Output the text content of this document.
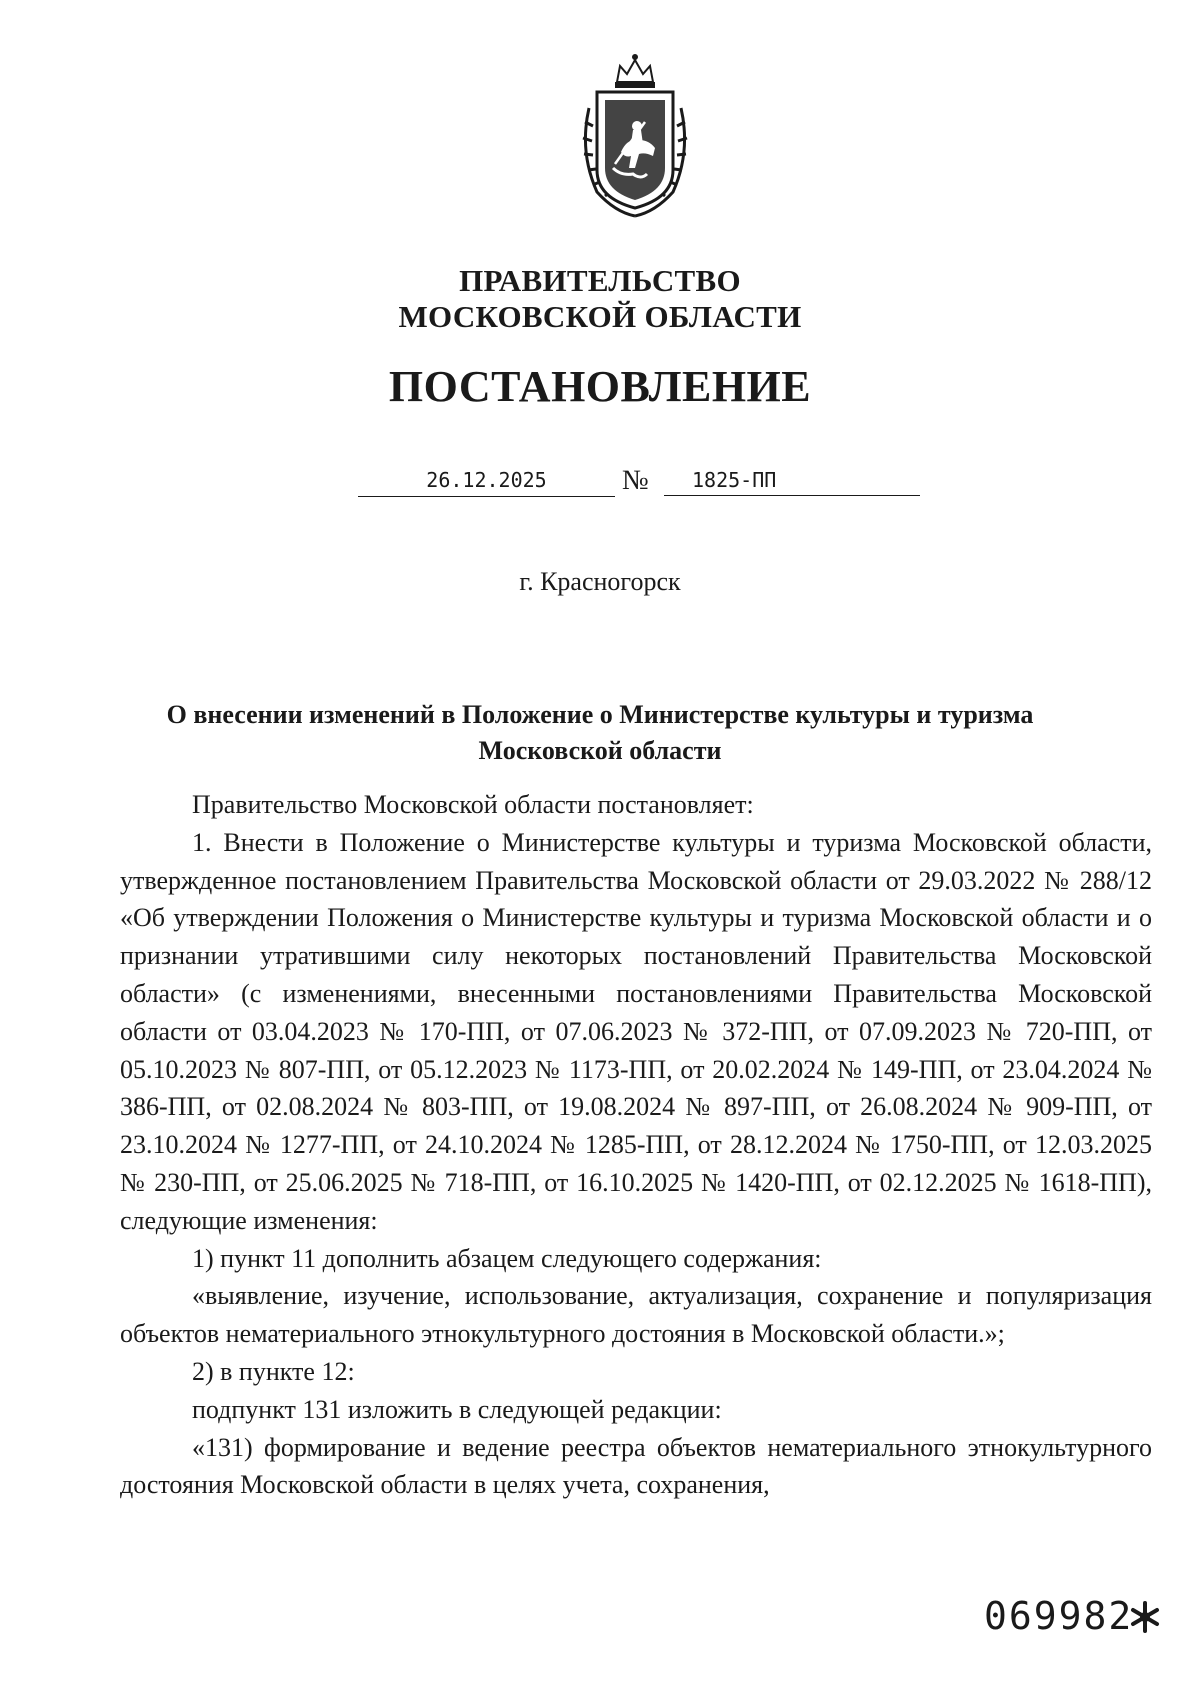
ПРАВИТЕЛЬСТВО
МОСКОВСКОЙ ОБЛАСТИ
ПОСТАНОВЛЕНИЕ
26.12.2025	№	1825-ПП
г. Красногорск
О внесении изменений в Положение о Министерстве культуры и туризма
Московской области

Правительство Московской области постановляет:

1. Внести в Положение о Министерстве культуры и туризма Московской области, утвержденное постановлением Правительства Московской области от 29.03.2022 № 288/12 «Об утверждении Положения о Министерстве культуры и туризма Московской области и о признании утратившими силу некоторых постановлений Правительства Московской области» (с изменениями, внесенными постановлениями Правительства Московской области от 03.04.2023 № 170-ПП, от 07.06.2023 № 372-ПП, от 07.09.2023 № 720-ПП, от 05.10.2023 № 807-ПП, от 05.12.2023 № 1173-ПП, от 20.02.2024 № 149-ПП, от 23.04.2024 № 386-ПП, от 02.08.2024 № 803-ПП, от 19.08.2024 № 897-ПП, от 26.08.2024 № 909-ПП, от 23.10.2024 № 1277-ПП, от 24.10.2024 № 1285-ПП, от 28.12.2024 № 1750-ПП, от 12.03.2025 № 230-ПП, от 25.06.2025 № 718-ПП, от 16.10.2025 № 1420-ПП, от 02.12.2025 № 1618-ПП), следующие изменения:

1) пункт 11 дополнить абзацем следующего содержания:

«выявление, изучение, использование, актуализация, сохранение и популяризация объектов нематериального этнокультурного достояния в Московской области.»;

2) в пункте 12:

подпункт 131 изложить в следующей редакции:

«131) формирование и ведение реестра объектов нематериального этнокультурного достояния Московской области в целях учета, сохранения,

069982
